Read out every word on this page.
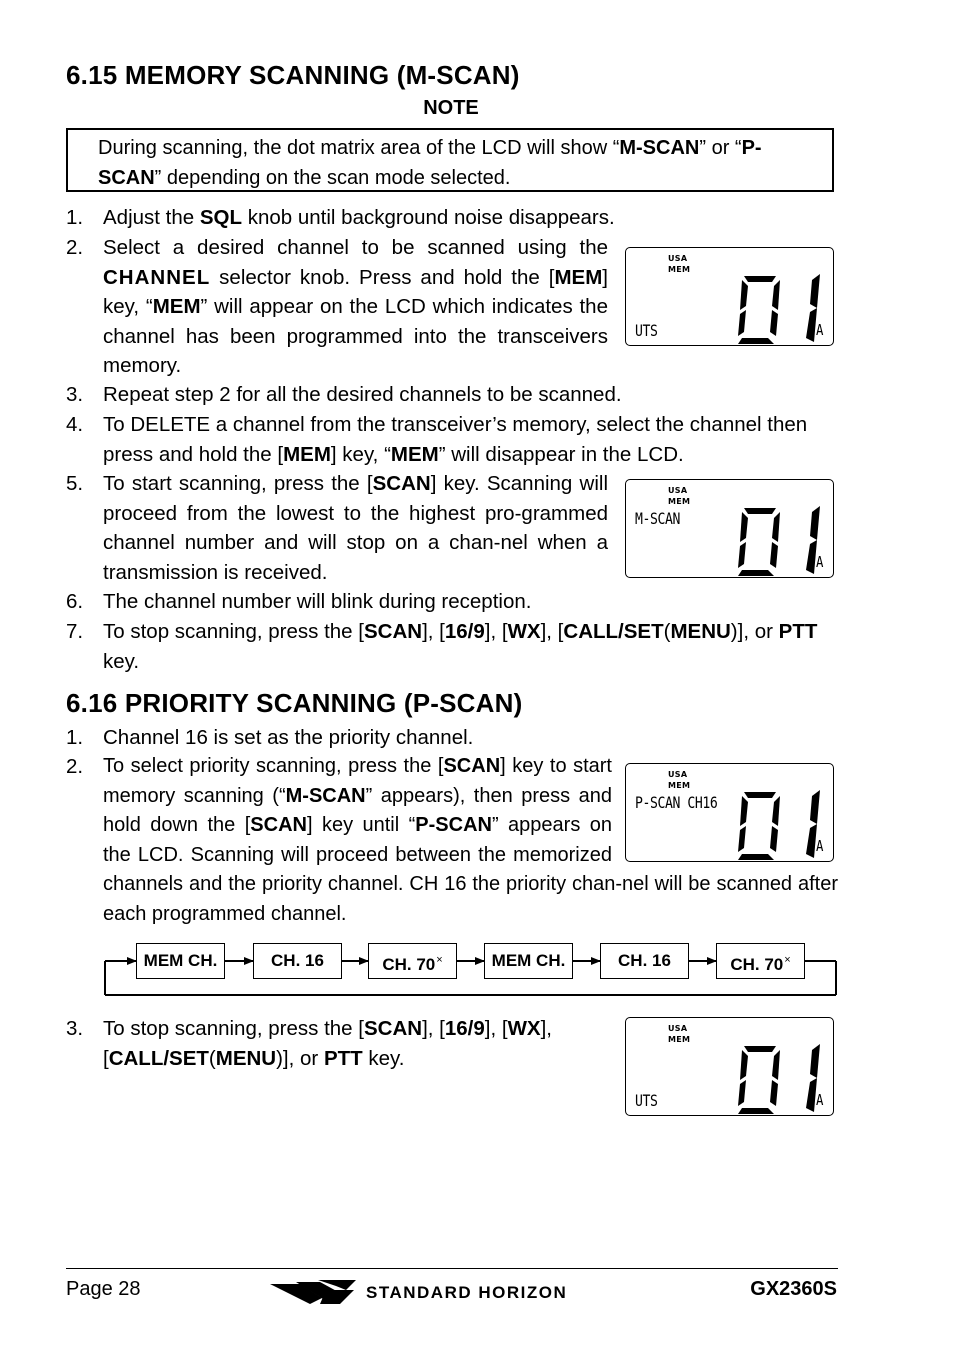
6.15 MEMORY SCANNING (M-SCAN)
NOTE
During scanning, the dot matrix area of the LCD will show “M-SCAN” or “P-SCAN” depending on the scan mode selected.
1. Adjust the SQL knob until background noise disappears.
2. Select a desired channel to be scanned using the CHANNEL selector knob. Press and hold the [MEM] key, “MEM” will appear on the LCD which indicates the channel has been programmed into the transceivers memory.
3. Repeat step 2 for all the desired channels to be scanned.
4. To DELETE a channel from the transceiver’s memory, select the channel then press and hold the [MEM] key, “MEM” will disappear in the LCD.
5. To start scanning, press the [SCAN] key. Scanning will proceed from the lowest to the highest pro-grammed channel number and will stop on a chan-nel when a transmission is received.
6. The channel number will blink during reception.
7. To stop scanning, press the [SCAN], [16/9], [WX], [CALL/SET(MENU)], or PTT key.
6.16 PRIORITY SCANNING (P-SCAN)
1. Channel 16 is set as the priority channel.
2. To select priority scanning, press the [SCAN] key to start memory scanning (“M-SCAN” appears), then press and hold down the [SCAN] key until “P-SCAN” appears on the LCD. Scanning will proceed between the memorized channels and the priority channel. CH 16 the priority chan-nel will be scanned after each programmed channel.
MEM CH.	CH. 16	CH. 70×	MEM CH.	CH. 16	CH. 70×
3. To stop scanning, press the [SCAN], [16/9], [WX], [CALL/SET(MENU)], or PTT key.
USA
MEM
UTS	A
USA
MEM
M-SCAN
A
USA
MEM
P-SCAN CH16
A
USA
MEM
UTS	A
Page 28	STANDARD HORIZON	GX2360S
